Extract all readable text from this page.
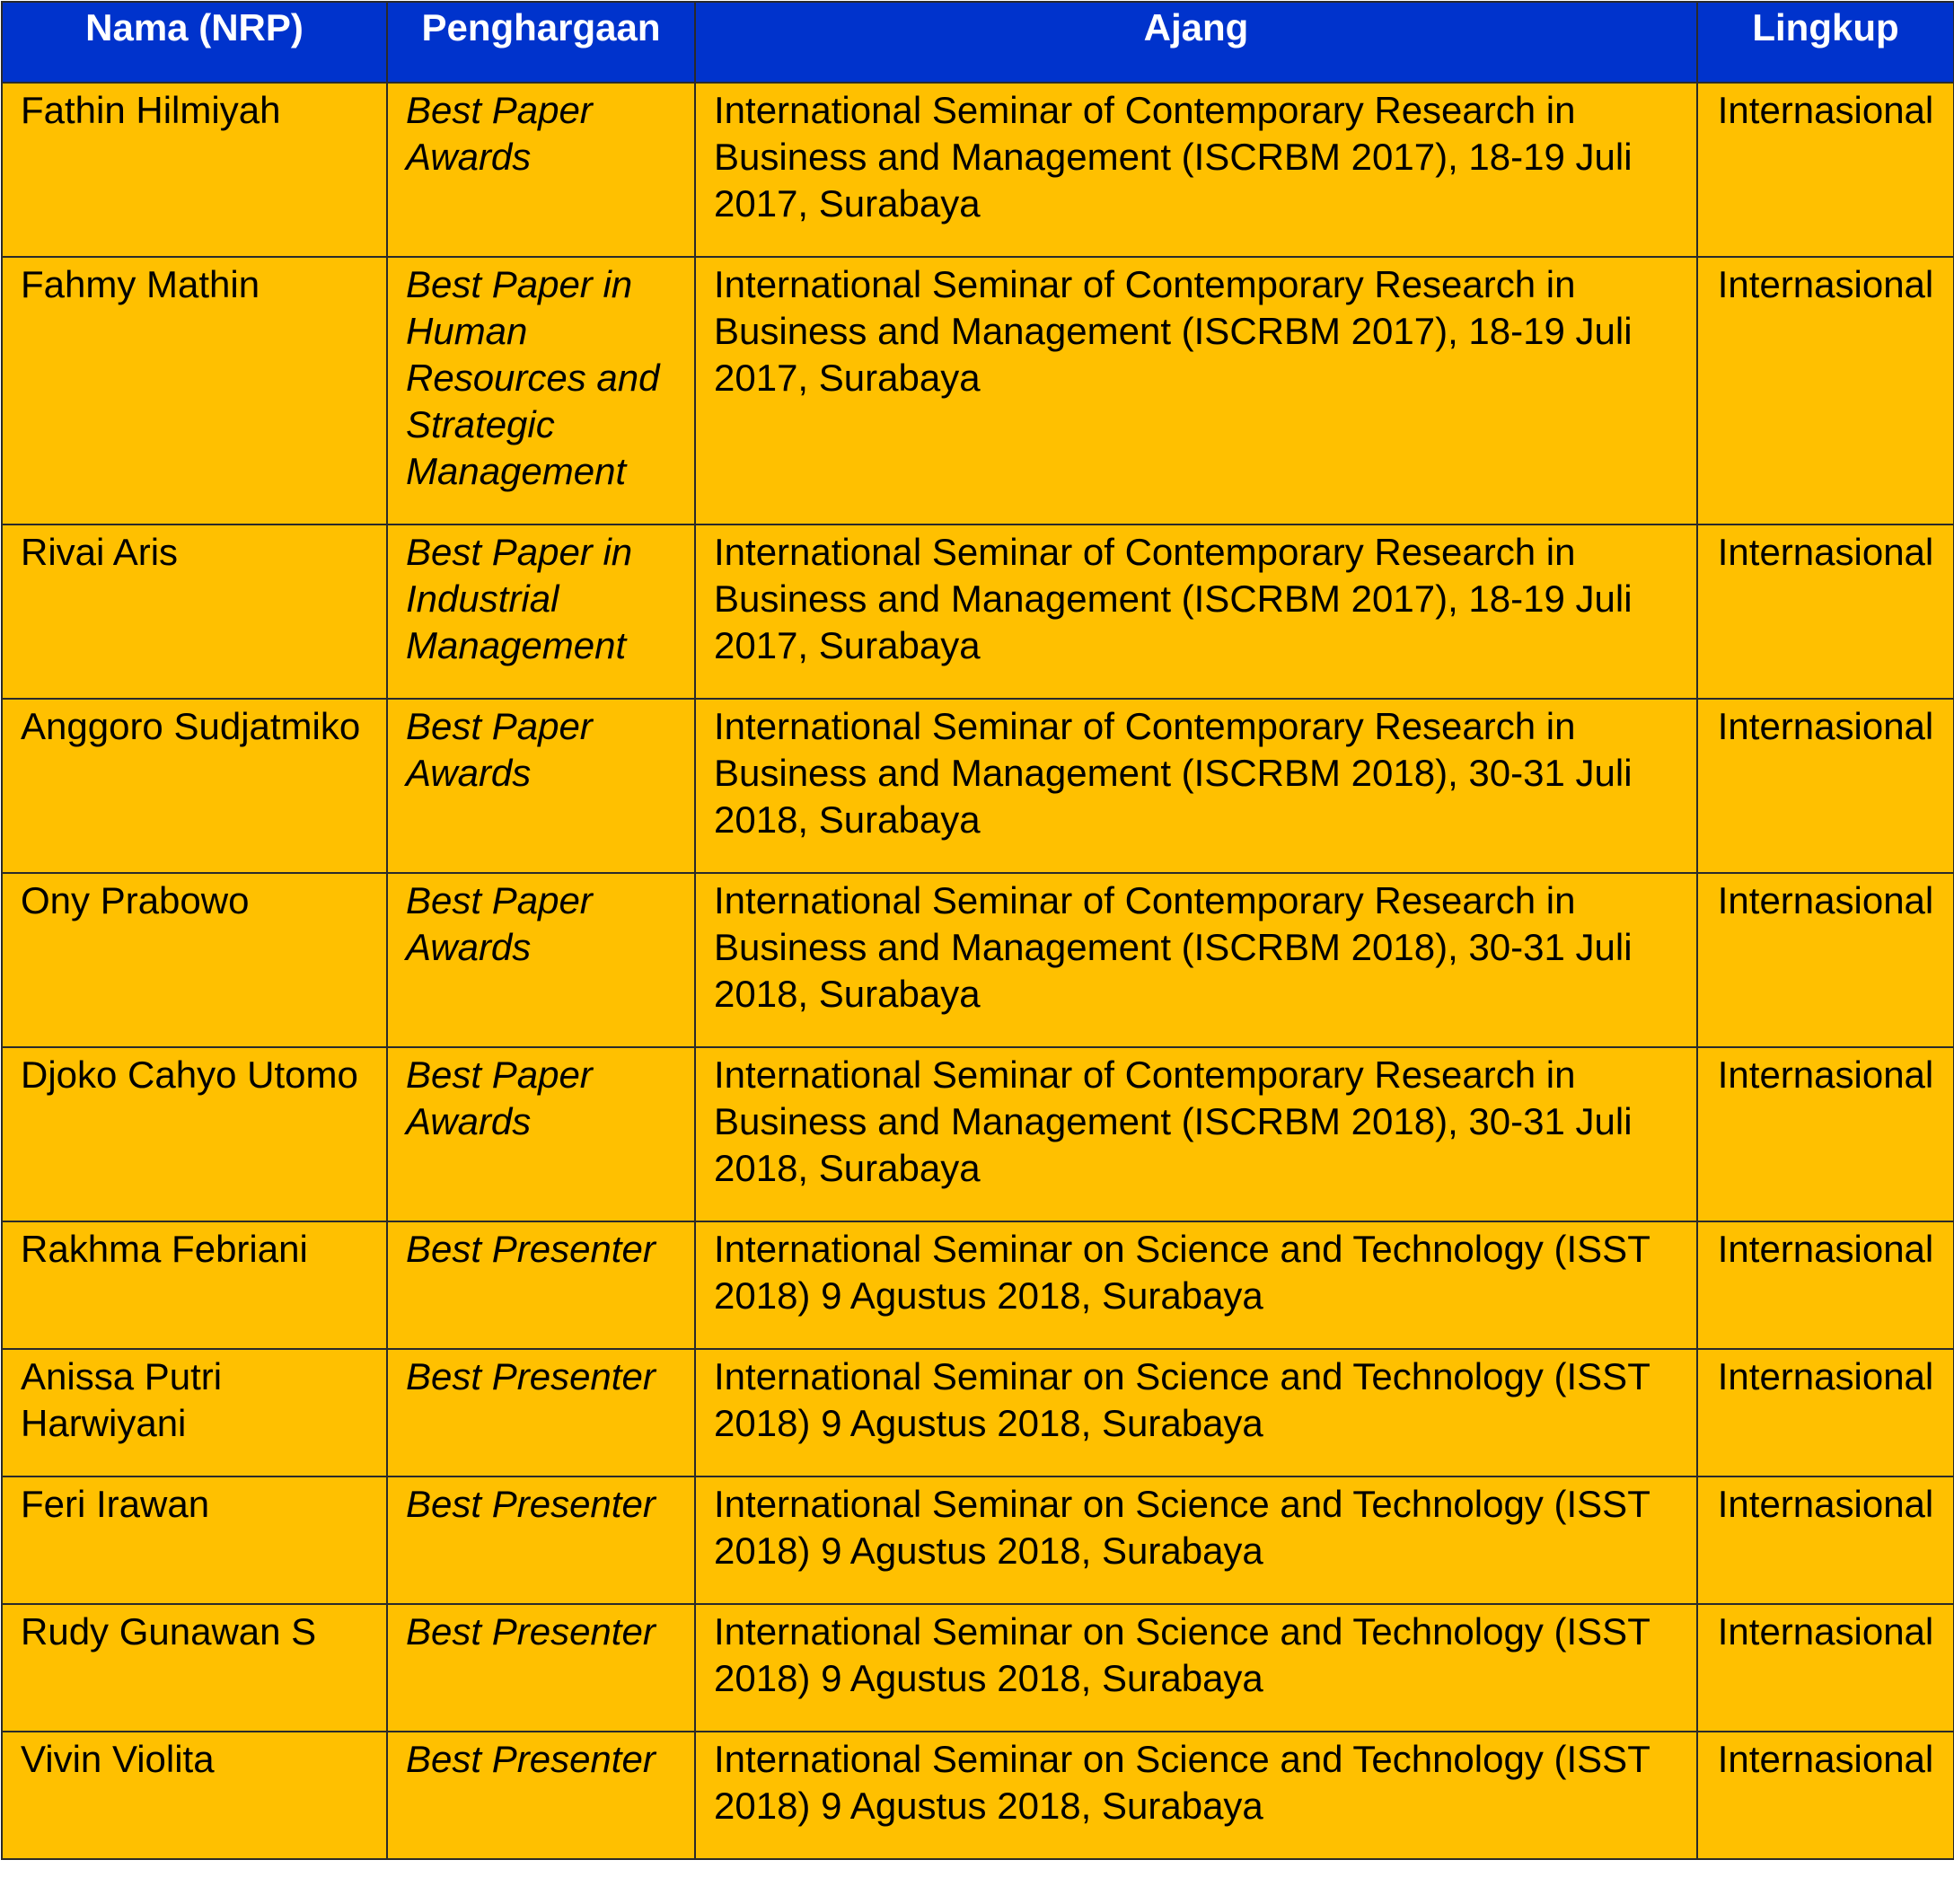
Nama (NRP)	Penghargaan	Ajang	Lingkup
Fathin Hilmiyah	Best Paper Awards	International Seminar of Contemporary Research in Business and Management (ISCRBM 2017), 18-19 Juli 2017, Surabaya	Internasional
Fahmy Mathin	Best Paper in Human Resources and Strategic Management	International Seminar of Contemporary Research in Business and Management (ISCRBM 2017), 18-19 Juli 2017, Surabaya	Internasional
Rivai Aris	Best Paper in Industrial Management	International Seminar of Contemporary Research in Business and Management (ISCRBM 2017), 18-19 Juli 2017, Surabaya	Internasional
Anggoro Sudjatmiko	Best Paper Awards	International Seminar of Contemporary Research in Business and Management (ISCRBM 2018), 30-31 Juli 2018, Surabaya	Internasional
Ony Prabowo	Best Paper Awards	International Seminar of Contemporary Research in Business and Management (ISCRBM 2018), 30-31 Juli 2018, Surabaya	Internasional
Djoko Cahyo Utomo	Best Paper Awards	International Seminar of Contemporary Research in Business and Management (ISCRBM 2018), 30-31 Juli 2018, Surabaya	Internasional
Rakhma Febriani	Best Presenter	International Seminar on Science and Technology (ISST 2018) 9 Agustus 2018, Surabaya	Internasional
Anissa Putri Harwiyani	Best Presenter	International Seminar on Science and Technology (ISST 2018) 9 Agustus 2018, Surabaya	Internasional
Feri Irawan	Best Presenter	International Seminar on Science and Technology (ISST 2018) 9 Agustus 2018, Surabaya	Internasional
Rudy Gunawan S	Best Presenter	International Seminar on Science and Technology (ISST 2018) 9 Agustus 2018, Surabaya	Internasional
Vivin Violita	Best Presenter	International Seminar on Science and Technology (ISST 2018) 9 Agustus 2018, Surabaya	Internasional
